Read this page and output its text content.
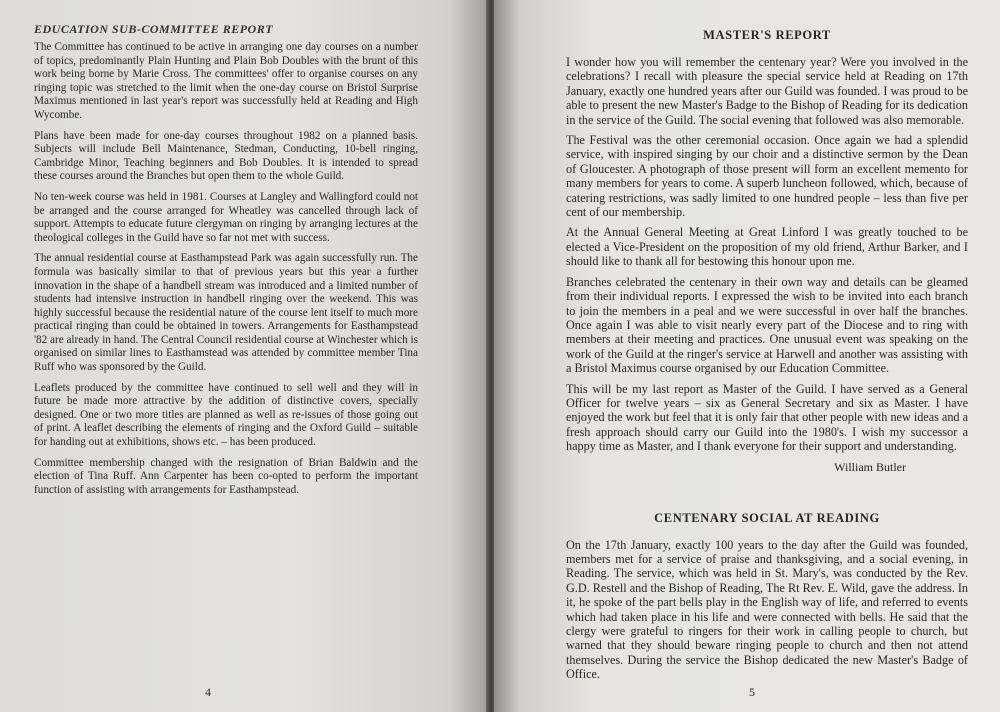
EDUCATION SUB-COMMITTEE REPORT

The Committee has continued to be active in arranging one day courses on a number of topics, predominantly Plain Hunting and Plain Bob Doubles with the brunt of this work being borne by Marie Cross. The committees' offer to organise courses on any ringing topic was stretched to the limit when the one-day course on Bristol Surprise Maximus mentioned in last year's report was successfully held at Reading and High Wycombe.

Plans have been made for one-day courses throughout 1982 on a planned basis. Subjects will include Bell Maintenance, Stedman, Conducting, 10-bell ringing, Cambridge Minor, Teaching beginners and Bob Doubles. It is intended to spread these courses around the Branches but open them to the whole Guild.

No ten-week course was held in 1981. Courses at Langley and Wallingford could not be arranged and the course arranged for Wheatley was cancelled through lack of support. Attempts to educate future clergyman on ringing by arranging lectures at the theological colleges in the Guild have so far not met with success.

The annual residential course at Easthampstead Park was again successfully run. The formula was basically similar to that of previous years but this year a further innovation in the shape of a handbell stream was introduced and a limited number of students had intensive instruction in handbell ringing over the weekend. This was highly successful because the residential nature of the course lent itself to much more practical ringing than could be obtained in towers. Arrangements for Easthampstead '82 are already in hand. The Central Council residential course at Winchester which is organised on similar lines to Easthamstead was attended by committee member Tina Ruff who was sponsored by the Guild.

Leaflets produced by the committee have continued to sell well and they will in future be made more attractive by the addition of distinctive covers, specially designed. One or two more titles are planned as well as re-issues of those going out of print. A leaflet describing the elements of ringing and the Oxford Guild – suitable for handing out at exhibitions, shows etc. – has been produced.

Committee membership changed with the resignation of Brian Baldwin and the election of Tina Ruff. Ann Carpenter has been co-opted to perform the important function of assisting with arrangements for Easthampstead.

4
MASTER'S REPORT

I wonder how you will remember the centenary year? Were you involved in the celebrations? I recall with pleasure the special service held at Reading on 17th January, exactly one hundred years after our Guild was founded. I was proud to be able to present the new Master's Badge to the Bishop of Reading for its dedication in the service of the Guild. The social evening that followed was also memorable.

The Festival was the other ceremonial occasion. Once again we had a splendid service, with inspired singing by our choir and a distinctive sermon by the Dean of Gloucester. A photograph of those present will form an excellent memento for many members for years to come. A superb luncheon followed, which, because of catering restrictions, was sadly limited to one hundred people – less than five per cent of our membership.

At the Annual General Meeting at Great Linford I was greatly touched to be elected a Vice-President on the proposition of my old friend, Arthur Barker, and I should like to thank all for bestowing this honour upon me.

Branches celebrated the centenary in their own way and details can be gleamed from their individual reports. I expressed the wish to be invited into each branch to join the members in a peal and we were successful in over half the branches. Once again I was able to visit nearly every part of the Diocese and to ring with members at their meeting and practices. One unusual event was speaking on the work of the Guild at the ringer's service at Harwell and another was assisting with a Bristol Maximus course organised by our Education Committee.

This will be my last report as Master of the Guild. I have served as a General Officer for twelve years – six as General Secretary and six as Master. I have enjoyed the work but feel that it is only fair that other people with new ideas and a fresh approach should carry our Guild into the 1980's. I wish my successor a happy time as Master, and I thank everyone for their support and understanding.

William Butler
CENTENARY SOCIAL AT READING

On the 17th January, exactly 100 years to the day after the Guild was founded, members met for a service of praise and thanksgiving, and a social evening, in Reading. The service, which was held in St. Mary's, was conducted by the Rev. G.D. Restell and the Bishop of Reading, The Rt Rev. E. Wild, gave the address. In it, he spoke of the part bells play in the English way of life, and referred to events which had taken place in his life and were connected with bells. He said that the clergy were grateful to ringers for their work in calling people to church, but warned that they should beware ringing people to church and then not attend themselves. During the service the Bishop dedicated the new Master's Badge of Office.

5
